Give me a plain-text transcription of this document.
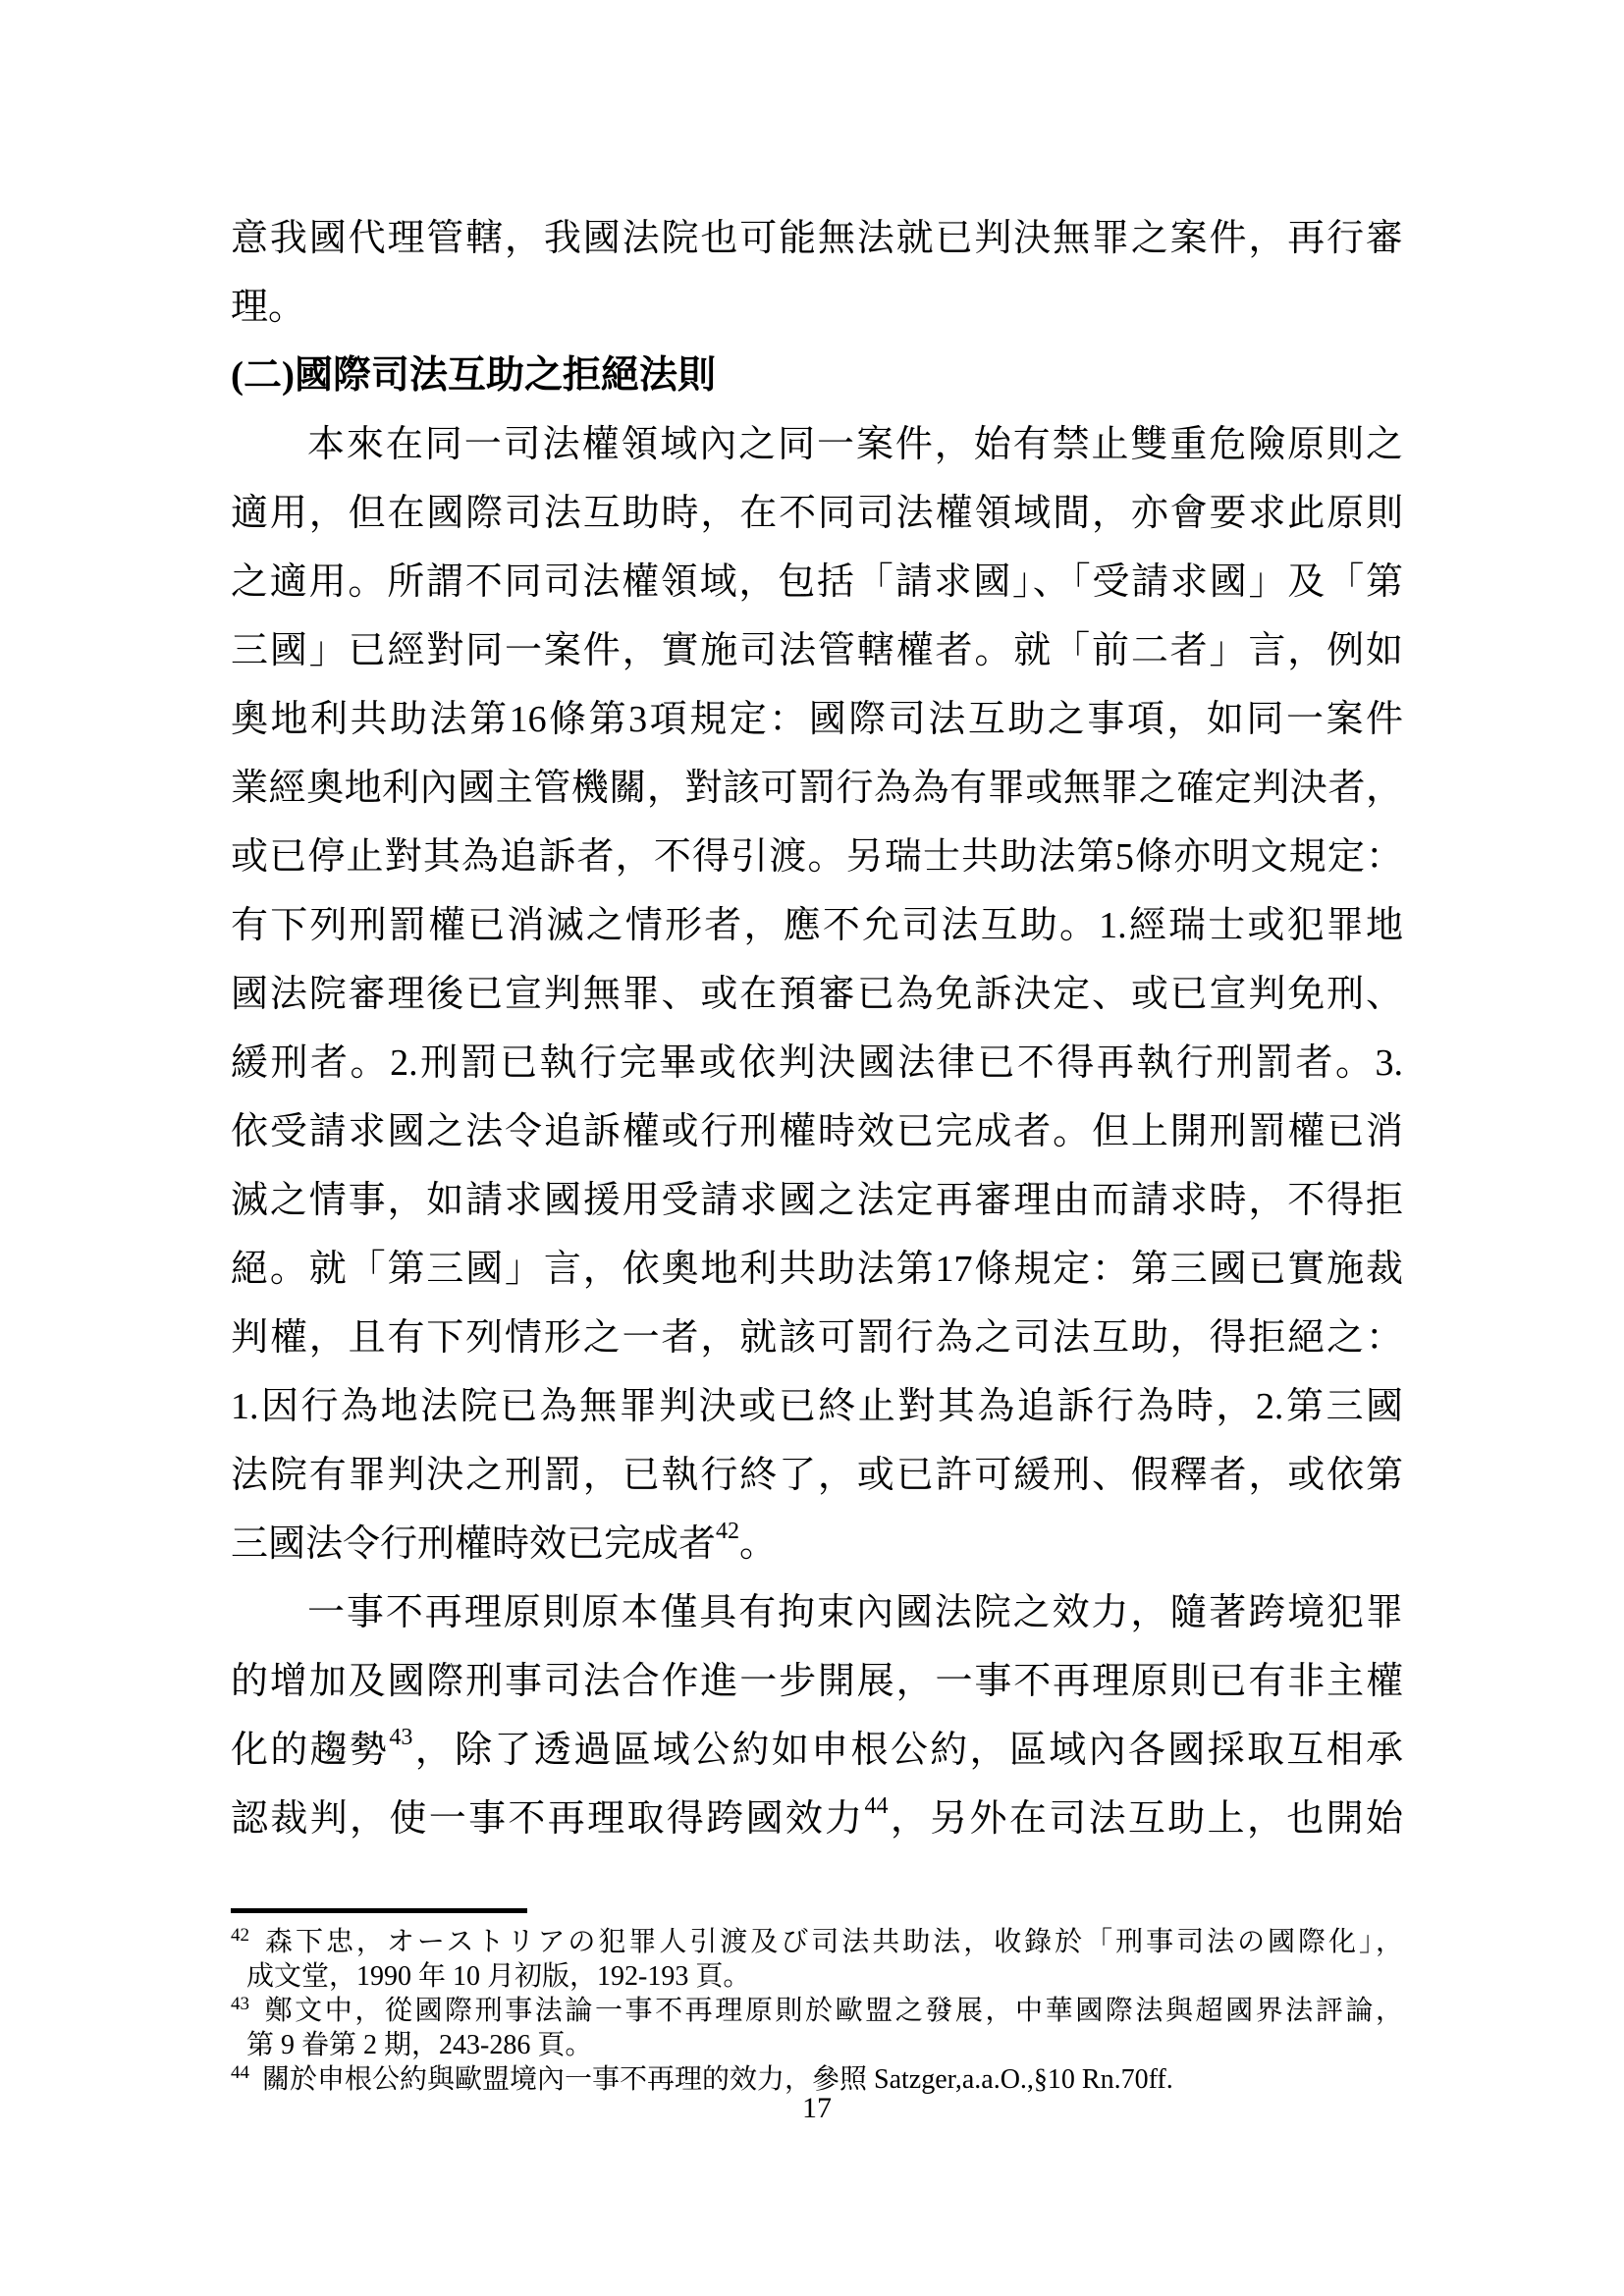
意我國代理管轄，我國法院也可能無法就已判決無罪之案件，再行審
理。
(二)國際司法互助之拒絕法則
本來在同一司法權領域內之同一案件，始有禁止雙重危險原則之
適用，但在國際司法互助時，在不同司法權領域間，亦會要求此原則
之適用。所謂不同司法權領域，包括「請求國」、「受請求國」及「第
三國」已經對同一案件，實施司法管轄權者。就「前二者」言，例如
奧地利共助法第16條第3項規定：國際司法互助之事項，如同一案件
業經奧地利內國主管機關，對該可罰行為為有罪或無罪之確定判決者，
或已停止對其為追訴者，不得引渡。另瑞士共助法第5條亦明文規定：
有下列刑罰權已消滅之情形者，應不允司法互助。1.經瑞士或犯罪地
國法院審理後已宣判無罪、或在預審已為免訴決定、或已宣判免刑、
緩刑者。2.刑罰已執行完畢或依判決國法律已不得再執行刑罰者。3.
依受請求國之法令追訴權或行刑權時效已完成者。但上開刑罰權已消
滅之情事，如請求國援用受請求國之法定再審理由而請求時，不得拒
絕。就「第三國」言，依奧地利共助法第17條規定：第三國已實施裁
判權，且有下列情形之一者，就該可罰行為之司法互助，得拒絕之：
1.因行為地法院已為無罪判決或已終止對其為追訴行為時，2.第三國
法院有罪判決之刑罰，已執行終了，或已許可緩刑、假釋者，或依第
三國法令行刑權時效已完成者$^{42}$。
一事不再理原則原本僅具有拘束內國法院之效力，隨著跨境犯罪
的增加及國際刑事司法合作進一步開展，一事不再理原則已有非主權
化的趨勢$^{43}$，除了透過區域公約如申根公約，區域內各國採取互相承
認裁判，使一事不再理取得跨國效力$^{44}$，另外在司法互助上，也開始
$^{42}$ 森下忠，オーストリアの犯罪人引渡及び司法共助法，收錄於「刑事司法の國際化」，
成文堂，1990 年 10 月初版，192-193 頁。
$^{43}$ 鄭文中，從國際刑事法論一事不再理原則於歐盟之發展，中華國際法與超國界法評論，
第 9 眷第 2 期，243-286 頁。
$^{44}$ 關於申根公約與歐盟境內一事不再理的效力，參照 Satzger,a.a.O.,§10 Rn.70ff.
17
